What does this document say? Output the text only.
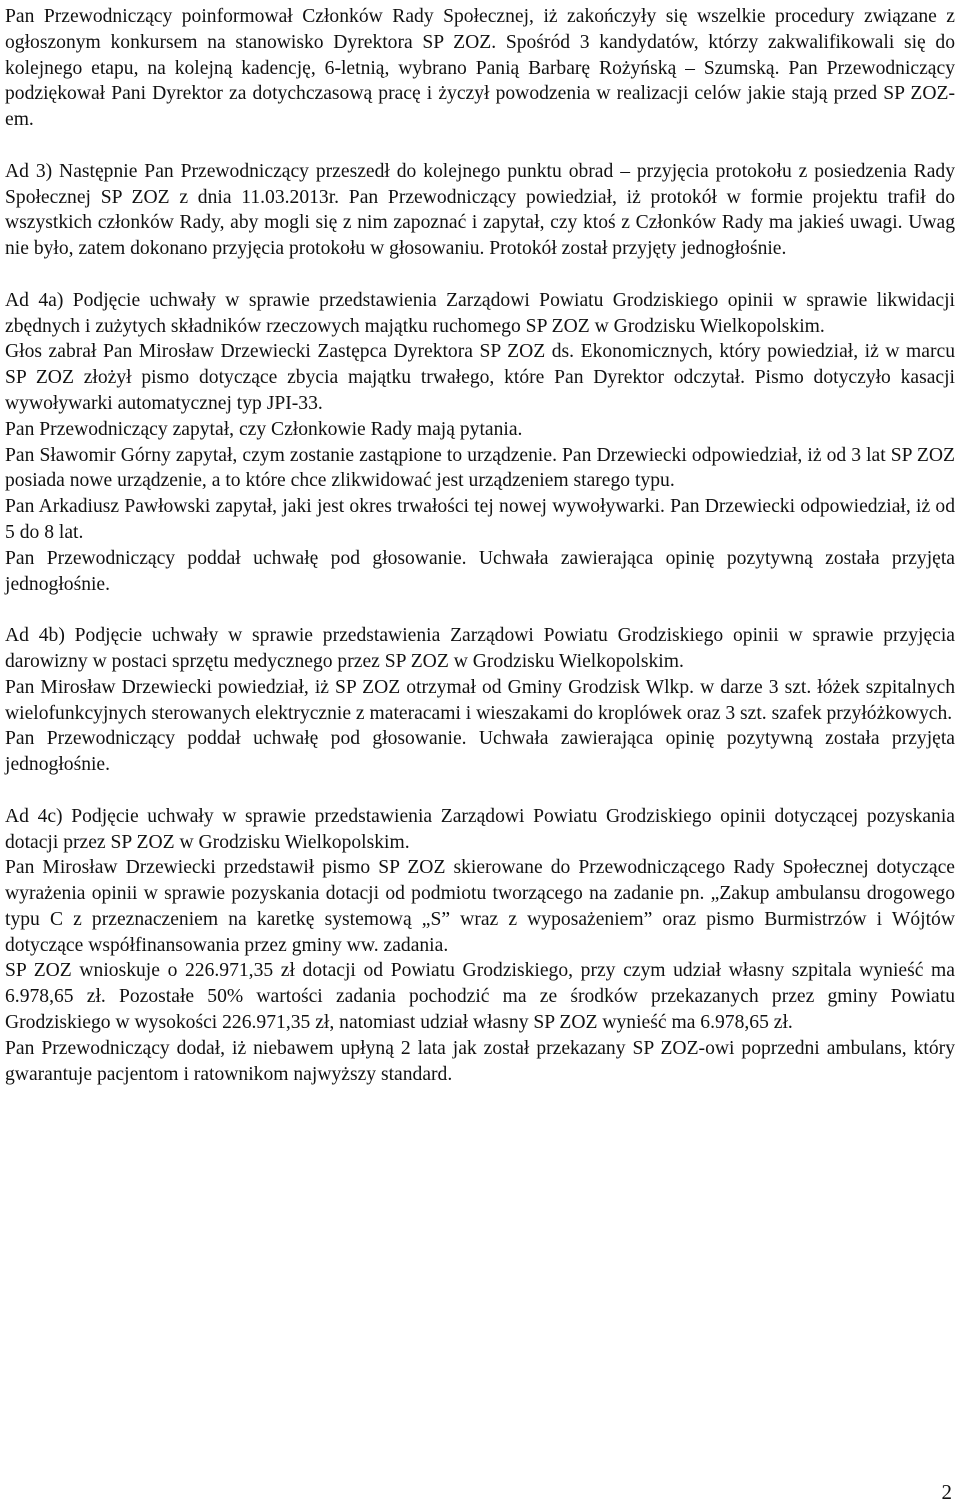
Pan Przewodniczący poinformował Członków Rady Społecznej, iż zakończyły się wszelkie procedury związane z ogłoszonym konkursem na stanowisko Dyrektora SP ZOZ. Spośród 3 kandydatów, którzy zakwalifikowali się do kolejnego etapu, na kolejną kadencję, 6-letnią, wybrano Panią Barbarę Rożyńską – Szumską. Pan Przewodniczący podziękował Pani Dyrektor za dotychczasową pracę i życzył powodzenia w realizacji celów jakie stają przed SP ZOZ-em.

Ad 3) Następnie Pan Przewodniczący przeszedł do kolejnego punktu obrad – przyjęcia protokołu z posiedzenia Rady Społecznej SP ZOZ z dnia 11.03.2013r. Pan Przewodniczący powiedział, iż protokół w formie projektu trafił do wszystkich członków Rady, aby mogli się z nim zapoznać i zapytał, czy ktoś z Członków Rady ma jakieś uwagi. Uwag nie było, zatem dokonano przyjęcia protokołu w głosowaniu. Protokół został przyjęty jednogłośnie.

Ad 4a) Podjęcie uchwały w sprawie przedstawienia Zarządowi Powiatu Grodziskiego opinii w sprawie likwidacji zbędnych i zużytych składników rzeczowych majątku ruchomego SP ZOZ w Grodzisku Wielkopolskim.

Głos zabrał Pan Mirosław Drzewiecki Zastępca Dyrektora SP ZOZ ds. Ekonomicznych, który powiedział, iż w marcu SP ZOZ złożył pismo dotyczące zbycia majątku trwałego, które Pan Dyrektor odczytał. Pismo dotyczyło kasacji wywoływarki automatycznej typ JPI-33.

Pan Przewodniczący zapytał, czy Członkowie Rady mają pytania.

Pan Sławomir Górny zapytał, czym zostanie zastąpione to urządzenie. Pan Drzewiecki odpowiedział, iż od 3 lat SP ZOZ posiada nowe urządzenie, a to które chce zlikwidować jest urządzeniem starego typu.

Pan Arkadiusz Pawłowski zapytał, jaki jest okres trwałości tej nowej wywoływarki. Pan Drzewiecki odpowiedział, iż od 5 do 8 lat.

Pan Przewodniczący poddał uchwałę pod głosowanie. Uchwała zawierająca opinię pozytywną została przyjęta jednogłośnie.

Ad 4b) Podjęcie uchwały w sprawie przedstawienia Zarządowi Powiatu Grodziskiego opinii w sprawie przyjęcia darowizny w postaci sprzętu medycznego przez SP ZOZ w Grodzisku Wielkopolskim.

Pan Mirosław Drzewiecki powiedział, iż SP ZOZ otrzymał od Gminy Grodzisk Wlkp. w darze 3 szt. łóżek szpitalnych wielofunkcyjnych sterowanych elektrycznie z materacami i wieszakami do kroplówek oraz 3 szt. szafek przyłóżkowych.

Pan Przewodniczący poddał uchwałę pod głosowanie. Uchwała zawierająca opinię pozytywną została przyjęta jednogłośnie.

Ad 4c) Podjęcie uchwały w sprawie przedstawienia Zarządowi Powiatu Grodziskiego opinii dotyczącej pozyskania dotacji przez SP ZOZ w Grodzisku Wielkopolskim.

Pan Mirosław Drzewiecki przedstawił pismo SP ZOZ skierowane do Przewodniczącego Rady Społecznej dotyczące wyrażenia opinii w sprawie pozyskania dotacji od podmiotu tworzącego na zadanie pn. „Zakup ambulansu drogowego typu C z przeznaczeniem na karetkę systemową „S” wraz z wyposażeniem” oraz pismo Burmistrzów i Wójtów dotyczące współfinansowania przez gminy ww. zadania.

SP ZOZ wnioskuje o 226.971,35 zł dotacji od Powiatu Grodziskiego, przy czym udział własny szpitala wynieść ma 6.978,65 zł. Pozostałe 50% wartości zadania pochodzić ma ze środków przekazanych przez gminy Powiatu Grodziskiego w wysokości 226.971,35 zł, natomiast udział własny SP ZOZ wynieść ma 6.978,65 zł.

Pan Przewodniczący dodał, iż niebawem upłyną 2 lata jak został przekazany SP ZOZ-owi poprzedni ambulans, który gwarantuje pacjentom i ratownikom najwyższy standard.

2
